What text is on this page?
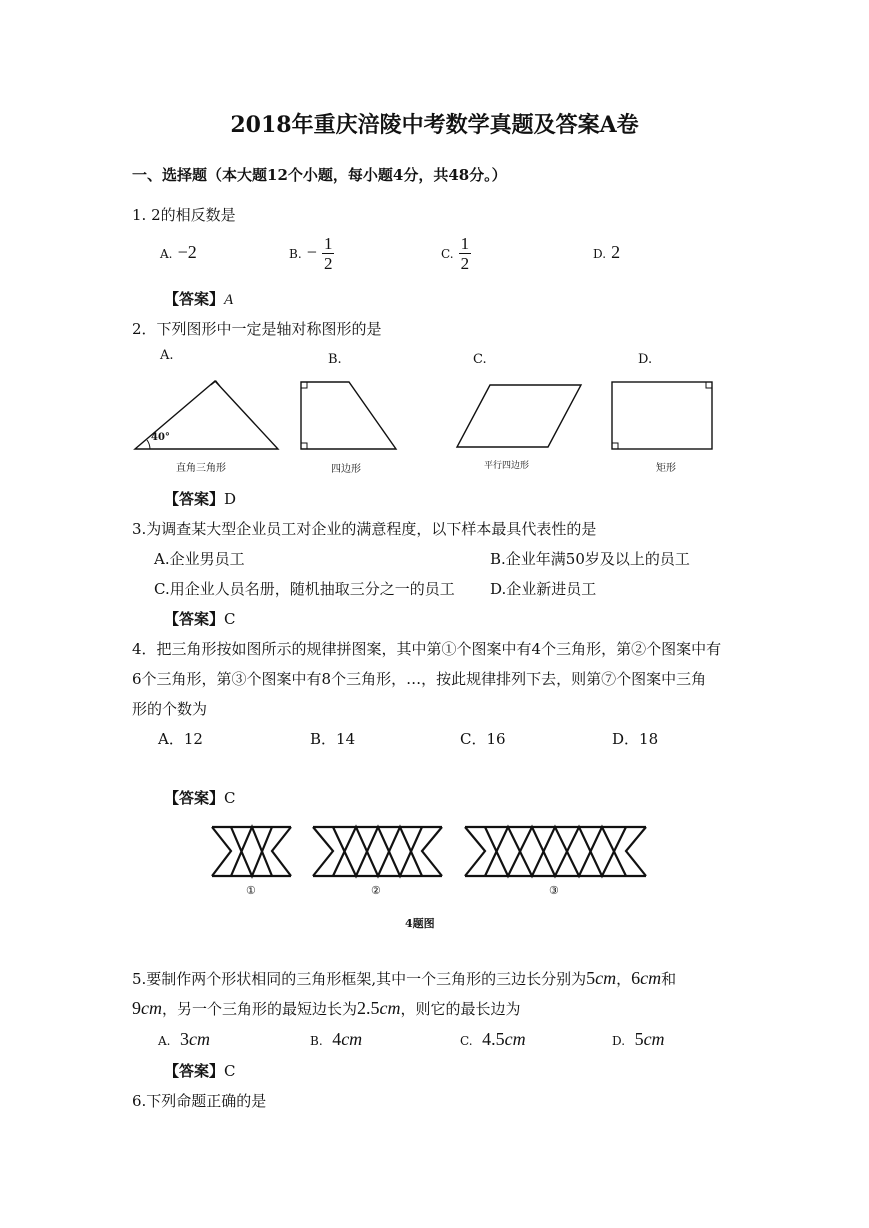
2018年重庆涪陵中考数学真题及答案A卷
一、选择题（本大题12个小题，每小题4分，共48分。）
1. 2的相反数是
A. −2	B. − $\frac{1}{2}$	C. $\frac{1}{2}$	D. 2
【答案】A
2．下列图形中一定是轴对称图形的是
A.	B.	C.	D.
40°
直角三角形	四边形	平行四边形	矩形
【答案】D
3.为调查某大型企业员工对企业的满意程度，以下样本最具代表性的是
A.企业男员工	B.企业年满50岁及以上的员工
C.用企业人员名册，随机抽取三分之一的员工 D.企业新进员工
【答案】C
4．把三角形按如图所示的规律拼图案，其中第①个图案中有4个三角形，第②个图案中有
6个三角形，第③个图案中有8个三角形，…，按此规律排列下去，则第⑦个图案中三角
形的个数为
A．12	B．14	C．16	D．18
【答案】C
①	②	③
4题图
5.要制作两个形状相同的三角形框架,其中一个三角形的三边长分别为5cm，6cm和
9cm，另一个三角形的最短边长为2.5cm，则它的最长边为
A. 3cm	B. 4cm	C. 4.5cm	D. 5cm
【答案】C
6.下列命题正确的是
